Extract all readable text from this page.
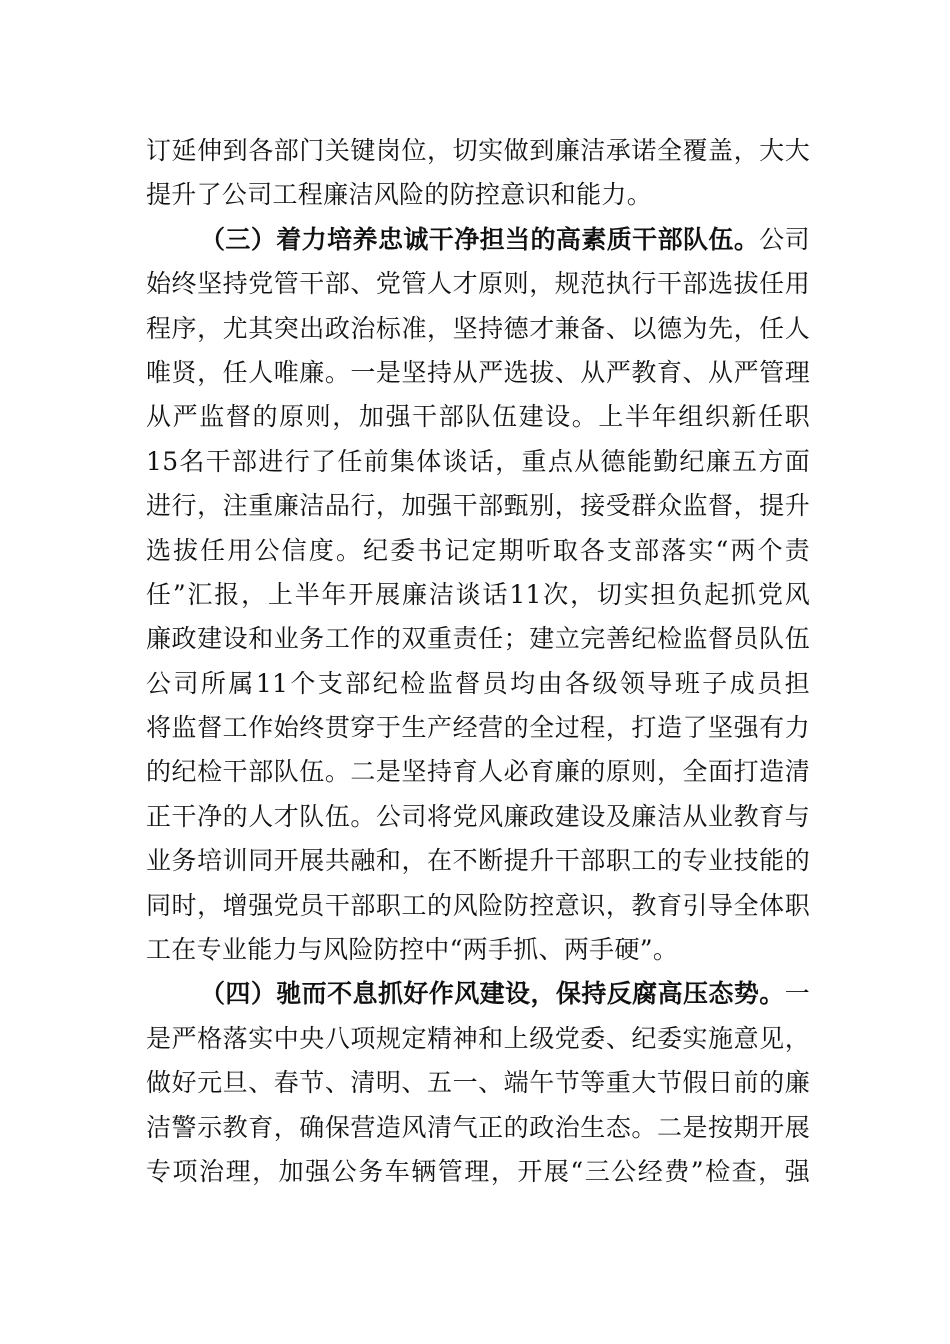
订延伸到各部门关键岗位，切实做到廉洁承诺全覆盖，大大
提升了公司工程廉洁风险的防控意识和能力。
（三）着力培养忠诚干净担当的高素质干部队伍。公司
始终坚持党管干部、党管人才原则，规范执行干部选拔任用
程序，尤其突出政治标准，坚持德才兼备、以德为先，任人
唯贤，任人唯廉。一是坚持从严选拔、从严教育、从严管理
从严监督的原则，加强干部队伍建设。上半年组织新任职
15名干部进行了任前集体谈话，重点从德能勤纪廉五方面
进行，注重廉洁品行，加强干部甄别，接受群众监督，提升
选拔任用公信度。纪委书记定期听取各支部落实“两个责
任”汇报，上半年开展廉洁谈话11次，切实担负起抓党风
廉政建设和业务工作的双重责任；建立完善纪检监督员队伍
公司所属11个支部纪检监督员均由各级领导班子成员担
将监督工作始终贯穿于生产经营的全过程，打造了坚强有力
的纪检干部队伍。二是坚持育人必育廉的原则，全面打造清
正干净的人才队伍。公司将党风廉政建设及廉洁从业教育与
业务培训同开展共融和，在不断提升干部职工的专业技能的
同时，增强党员干部职工的风险防控意识，教育引导全体职
工在专业能力与风险防控中“两手抓、两手硬”。
（四）驰而不息抓好作风建设，保持反腐高压态势。一
是严格落实中央八项规定精神和上级党委、纪委实施意见，
做好元旦、春节、清明、五一、端午节等重大节假日前的廉
洁警示教育，确保营造风清气正的政治生态。二是按期开展
专项治理，加强公务车辆管理，开展“三公经费”检查，强
